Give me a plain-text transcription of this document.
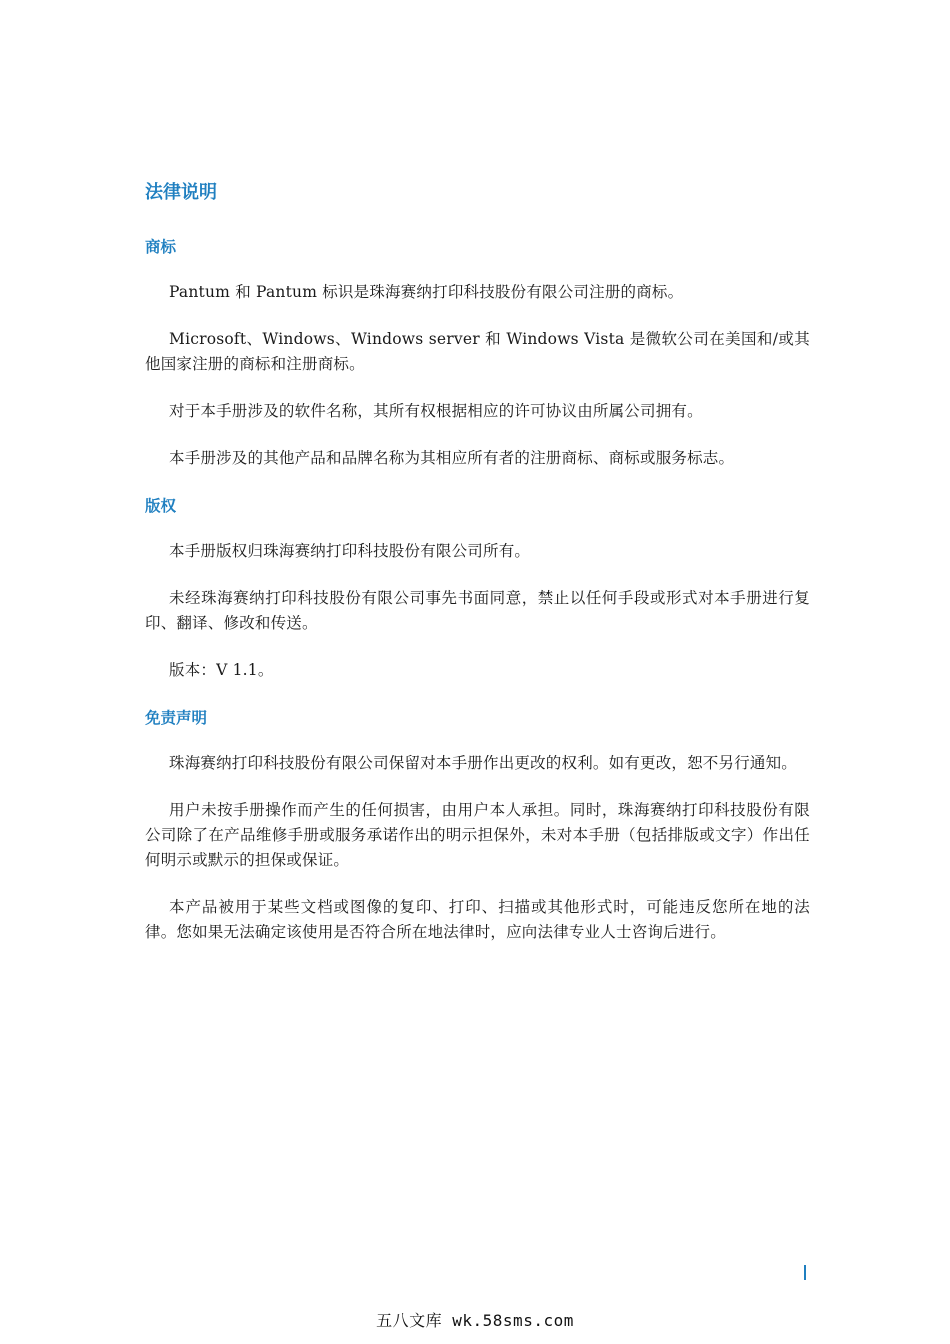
法律说明
商标

Pantum 和 Pantum 标识是珠海赛纳打印科技股份有限公司注册的商标。

Microsoft、Windows、Windows server 和 Windows Vista 是微软公司在美国和/或其他国家注册的商标和注册商标。

对于本手册涉及的软件名称，其所有权根据相应的许可协议由所属公司拥有。

本手册涉及的其他产品和品牌名称为其相应所有者的注册商标、商标或服务标志。

版权

本手册版权归珠海赛纳打印科技股份有限公司所有。

未经珠海赛纳打印科技股份有限公司事先书面同意，禁止以任何手段或形式对本手册进行复印、翻译、修改和传送。

版本：V 1.1。

免责声明

珠海赛纳打印科技股份有限公司保留对本手册作出更改的权利。如有更改，恕不另行通知。

用户未按手册操作而产生的任何损害，由用户本人承担。同时，珠海赛纳打印科技股份有限公司除了在产品维修手册或服务承诺作出的明示担保外，未对本手册（包括排版或文字）作出任何明示或默示的担保或保证。

本产品被用于某些文档或图像的复印、打印、扫描或其他形式时，可能违反您所在地的法律。您如果无法确定该使用是否符合所在地法律时，应向法律专业人士咨询后进行。

五八文库 wk.58sms.com
